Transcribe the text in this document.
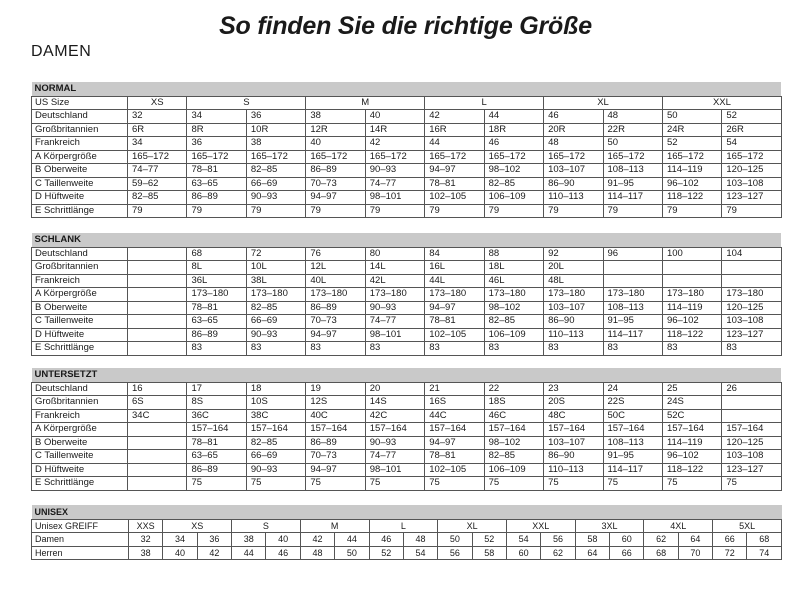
So finden Sie die richtige Größe
DAMEN
NORMAL											
US Size	XS	S		M		L		XL		XXL	
Deutschland	32	34	36	38	40	42	44	46	48	50	52
Großbritannien	6R	8R	10R	12R	14R	16R	18R	20R	22R	24R	26R
Frankreich	34	36	38	40	42	44	46	48	50	52	54
A Körpergröße	165–172	165–172	165–172	165–172	165–172	165–172	165–172	165–172	165–172	165–172	165–172
B Oberweite	74–77	78–81	82–85	86–89	90–93	94–97	98–102	103–107	108–113	114–119	120–125
C Taillenweite	59–62	63–65	66–69	70–73	74–77	78–81	82–85	86–90	91–95	96–102	103–108
D Hüftweite	82–85	86–89	90–93	94–97	98–101	102–105	106–109	110–113	114–117	118–122	123–127
E Schrittlänge	79	79	79	79	79	79	79	79	79	79	79
SCHLANK											
Deutschland		68	72	76	80	84	88	92	96	100	104
Großbritannien		8L	10L	12L	14L	16L	18L	20L			
Frankreich		36L	38L	40L	42L	44L	46L	48L			
A Körpergröße		173–180	173–180	173–180	173–180	173–180	173–180	173–180	173–180	173–180	173–180
B Oberweite		78–81	82–85	86–89	90–93	94–97	98–102	103–107	108–113	114–119	120–125
C Taillenweite		63–65	66–69	70–73	74–77	78–81	82–85	86–90	91–95	96–102	103–108
D Hüftweite		86–89	90–93	94–97	98–101	102–105	106–109	110–113	114–117	118–122	123–127
E Schrittlänge		83	83	83	83	83	83	83	83	83	83
UNTERSETZT											
Deutschland	16	17	18	19	20	21	22	23	24	25	26
Großbritannien	6S	8S	10S	12S	14S	16S	18S	20S	22S	24S	
Frankreich	34C	36C	38C	40C	42C	44C	46C	48C	50C	52C	
A Körpergröße		157–164	157–164	157–164	157–164	157–164	157–164	157–164	157–164	157–164	157–164
B Oberweite		78–81	82–85	86–89	90–93	94–97	98–102	103–107	108–113	114–119	120–125
C Taillenweite		63–65	66–69	70–73	74–77	78–81	82–85	86–90	91–95	96–102	103–108
D Hüftweite		86–89	90–93	94–97	98–101	102–105	106–109	110–113	114–117	118–122	123–127
E Schrittlänge		75	75	75	75	75	75	75	75	75	75
UNISEX																			
Unisex GREIFF	XXS	XS		S		M		L		XL		XXL		3XL		4XL		5XL	
Damen	32	34	36	38	40	42	44	46	48	50	52	54	56	58	60	62	64	66	68
Herren	38	40	42	44	46	48	50	52	54	56	58	60	62	64	66	68	70	72	74
